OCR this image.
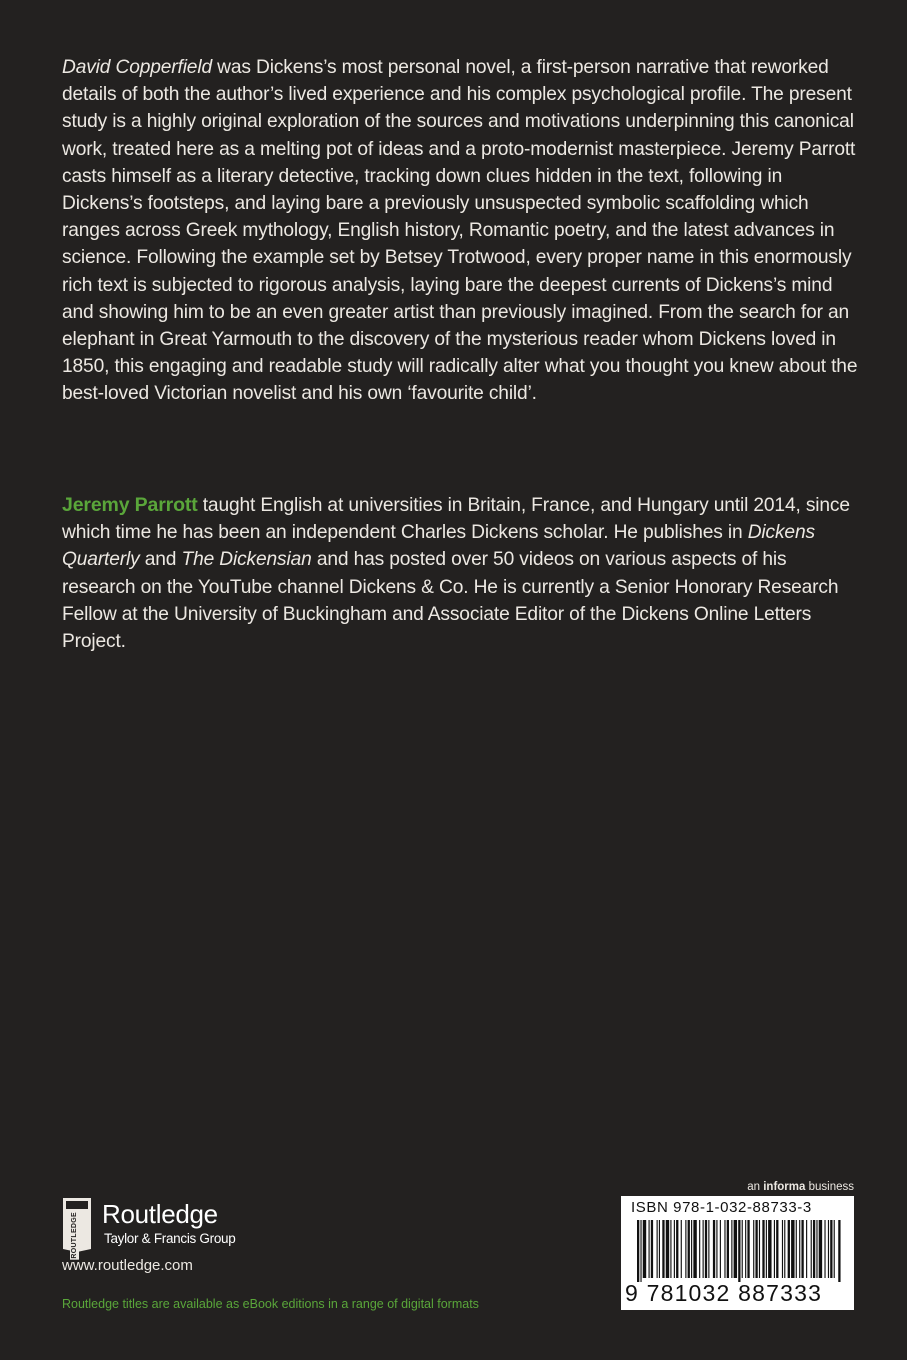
David Copperfield was Dickens’s most personal novel, a first-person narrative that reworked details of both the author’s lived experience and his complex psychological profile. The present study is a highly original exploration of the sources and motivations underpinning this canonical work, treated here as a melting pot of ideas and a proto-modernist masterpiece. Jeremy Parrott casts himself as a literary detective, tracking down clues hidden in the text, following in Dickens’s footsteps, and laying bare a previously unsuspected symbolic scaffolding which ranges across Greek mythology, English history, Romantic poetry, and the latest advances in science. Following the example set by Betsey Trotwood, every proper name in this enormously rich text is subjected to rigorous analysis, laying bare the deepest currents of Dickens’s mind and showing him to be an even greater artist than previously imagined. From the search for an elephant in Great Yarmouth to the discovery of the mysterious reader whom Dickens loved in 1850, this engaging and readable study will radically alter what you thought you knew about the best-loved Victorian novelist and his own ‘favourite child’.

Jeremy Parrott taught English at universities in Britain, France, and Hungary until 2014, since which time he has been an independent Charles Dickens scholar. He publishes in Dickens Quarterly and The Dickensian and has posted over 50 videos on various aspects of his research on the YouTube channel Dickens & Co. He is currently a Senior Honorary Research Fellow at the University of Buckingham and Associate Editor of the Dickens Online Letters Project.

ROUTLEDGE Routledge
Taylor & Francis Group
www.routledge.com
Routledge titles are available as eBook editions in a range of digital formats
an informa business
ISBN 978-1-032-88733-3
9 781032 887333
